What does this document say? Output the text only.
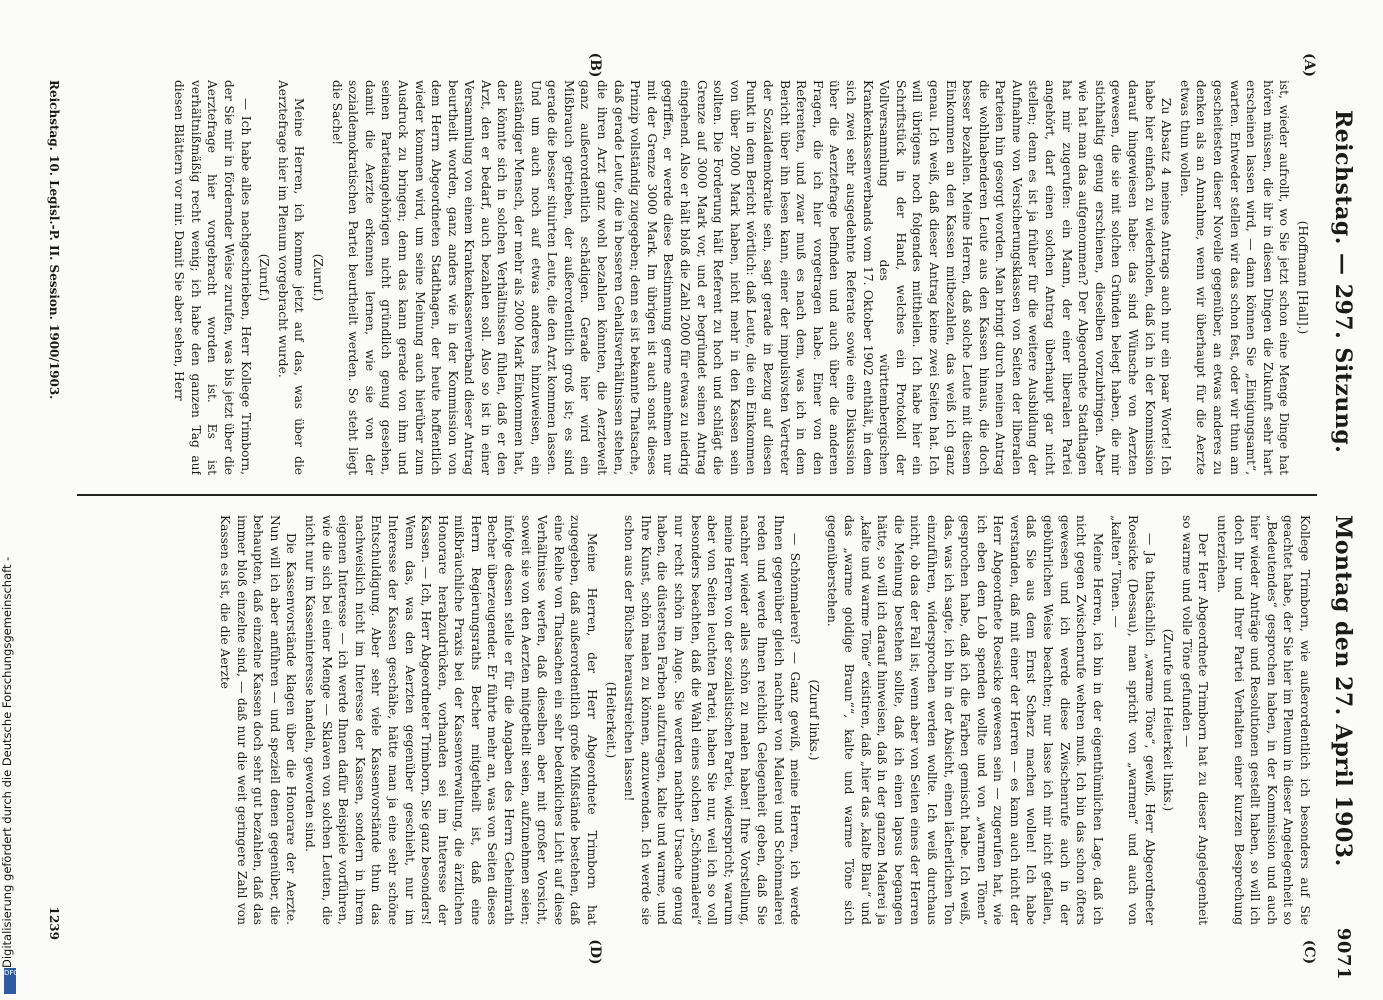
Reichstag. — 297. Sitzung.
Montag den 27. April 1903.
9071
(A)
(B)
(C)
(D)

(Hoffmann [Hall].)

ist, wieder aufrollt, wo Sie jetzt schon eine Menge Dinge hat hören müssen, die ihr in diesen Dingen die Zukunft sehr hart erscheinen lassen wird, — dann können Sie „Einigungsamt“, warten. Entweder stellen wir das schon fest, oder wir thun am gescheitesten dieser Novelle gegenüber, an etwas anderes zu denken als an Annahme, wenn wir überhaupt für die Aerzte etwas thun wollen.

Zu Absatz 4 meines Antrags auch nur ein paar Worte! Ich habe hier einfach zu wiederholen, daß ich in der Kommission darauf hingewiesen habe: das sind Wünsche von Aerzten gewesen, die sie mit solchen Gründen belegt haben, die mir stichhaltig genug erschienen, dieselben vorzubringen. Aber wie hat man das aufgenommen? Der Abgeordnete Stadthagen hat mir zugerufen: ein Mann, der einer liberalen Partei angehört, darf einen solchen Antrag überhaupt gar nicht stellen; denn es ist ja früher für die weitere Ausbildung der Aufnahme von Versicherungsklassen von Seiten der liberalen Parteien hin gesorgt worden. Man bringt durch meinen Antrag die wohlhabenderen Leute aus den Kassen hinaus, die doch besser bezahlen. Meine Herren, daß solche Leute mit diesem Einkommen an den Kassen mitbezahlen, das weiß ich ganz genau. Ich weiß, daß dieser Antrag keine zwei Seiten hat. Ich will übrigens noch folgendes mittheilen. Ich habe hier ein Schriftstück in der Hand, welches ein Protokoll der Vollversammlung des württembergischen Krankenkassenverbands vom 17. Oktober 1902 enthält, in dem sich zwei sehr ausgedehnte Referate sowie eine Diskussion über die Aerztefrage befinden und auch über die anderen Fragen, die ich hier vorgetragen habe. Einer von den Referenten, und zwar muß es nach dem, was ich in dem Bericht über ihn lesen kann, einer der impulsivsten Vertreter der Sozialdemokratie sein, sagt gerade in Bezug auf diesen Punkt in dem Bericht wörtlich: daß Leute, die ein Einkommen von über 2000 Mark haben, nicht mehr in den Kassen sein sollten. Die Forderung hält Referent zu hoch und schlägt die Grenze auf 3000 Mark vor, und er begründet seinen Antrag eingehend. Also er hält bloß die Zahl 2000 für etwas zu niedrig gegriffen, er werde diese Bestimmung gerne annehmen nur mit der Grenze 3000 Mark. Im übrigen ist auch sonst dieses Prinzip vollständig zugegeben; denn es ist bekannte Thatsache, daß gerade Leute, die in besseren Gehaltsverhältnissen stehen, die ihren Arzt ganz wohl bezahlen könnten, die Aerztewelt ganz außerordentlich schädigen. Gerade hier wird ein Mißbrauch getrieben, der außerordentlich groß ist; es sind gerade die besser situirten Leute, die den Arzt kommen lassen. Und um auch noch auf etwas anderes hinzuweisen, ein anständiger Mensch, der mehr als 2000 Mark Einkommen hat, der könnte sich in solchen Verhältnissen fühlen, daß er den Arzt, den er bedarf, auch bezahlen soll. Also so ist in einer Versammlung von einem Krankenkassenverband dieser Antrag beurtheilt worden, ganz anders wie in der Kommission von dem Herrn Abgeordneten Stadthagen, der heute hoffentlich wieder kommen wird, um seine Meinung auch hierüber zum Ausdruck zu bringen; denn das kann gerade von ihm und seinen Parteiangehörigen nicht gründlich genug gesehen, damit die Aerzte erkennen lernen, wie sie von der sozialdemokratischen Partei beurtheilt werden. So steht liegt die Sache!

(Zuruf.)

Meine Herren, ich komme jetzt auf das, was über die Aerztefrage hier im Plenum vorgebracht wurde.

(Zuruf.)

— Ich habe alles nachgeschrieben, Herr Kollege Trimborn, der Sie mir in fördernder Weise zurufen, was bis jetzt über die Aerztefrage hier vorgebracht worden ist. Es ist verhältnißmäßig recht wenig; ich habe den ganzen Tag auf diesen Blättern vor mir. Damit Sie aber sehen, Herr

Kollege Trimborn, wie außerordentlich ich besonders auf Sie geachtet habe, der Sie hier im Plenum in dieser Angelegenheit so „Bedeutendes“ gesprochen haben, in der Kommission und auch hier wieder Anträge und Resolutionen gestellt haben, so will ich doch Ihr und Ihrer Partei Verhalten einer kurzen Besprechung unterziehen.

Der Herr Abgeordnete Trimborn hat zu dieser Angelegenheit so warme und volle Töne gefunden —

(Zurufe und Heiterkeit links.)

— Ja thatsächlich „warme Töne“, gewiß, Herr Abgeordneter Roesicke (Dessau), man spricht von „warmen“ und auch von „kalten“ Tönen. —

Meine Herren, ich bin in der eigenthümlichen Lage, daß ich nicht gegen Zwischenrufe wehren muß. Ich bin das schon öfters gewesen und ich werde diese Zwischenrufe auch in der gebührlichen Weise beachten; nur lasse ich mir nicht gefallen, daß Sie aus dem Ernst Scherz machen wollen! Ich habe verstanden, daß mit einer der Herren — es kann auch nicht der Herr Abgeordnete Roesicke gewesen sein — zugerufen hat, wie ich eben dem Lob spenden wollte und von „warmen Tönen“ gesprochen habe, daß ich die Farben gemischt habe. Ich weiß, das, was ich sagte, ich bin in der Absicht, einen lächerlichen Ton einzuführen, widersprochen werden wollte. Ich weiß durchaus nicht, ob das der Fall ist; wenn aber von Seiten eines der Herren die Meinung bestehen sollte, daß ich einen lapsus begangen hätte, so will ich darauf hinweisen, daß in der ganzen Malerei ja „kalte und warme Töne“ existiren, daß „hier das „kalte Blau“ und das „warme goldige Braun““, kalte und warme Töne sich gegenüberstehen.

(Zuruf links.)

— Schönmalerei? — Ganz gewiß, meine Herren, ich werde Ihnen gegenüber gleich nachher von Malerei und Schönmalerei reden und werde Ihnen reichlich Gelegenheit geben, daß Sie nachher wieder alles schön zu malen haben! Ihre Vorstellung, meine Herren von der sozialistischen Partei, widerspricht; warum aber von Seiten leuchten Partei, haben Sie nur, weil ich so voll besonders beachten, daß die Wahl eines solchen „Schönmalerei“ nur recht schön im Auge. Sie werden nachher Ursache genug haben, die düstersten Farben aufzutragen, kalte und warme, und Ihre Kunst, schön malen zu können, anzuwenden. Ich werde sie schon aus der Büchse herausstreichen lassen!

(Heiterkeit.)

Meine Herren, der Herr Abgeordnete Trimborn hat zugegeben, daß außerordentlich große Mißstände bestehen, daß eine Reihe von Thatsachen ein sehr bedenkliches Licht auf diese Verhältnisse werfen, daß dieselben aber mit großer Vorsicht, soweit sie von den Aerzten mitgetheilt seien, aufzunehmen seien; infolge dessen stelle er für die Angaben des Herrn Geheimrath Becher überzeugender. Er führte mehr an, was von Seiten dieses Herrn Regierungsraths Becher mitgetheilt ist, daß eine mißbräuchliche Praxis bei der Kassenverwaltung, die ärztlichen Honorare herabzudrücken, vorhanden sei im Interesse der Kassen. — Ich, Herr Abgeordneter Trimborn, Sie ganz besonders! Wenn das, was den Aerzten gegenüber geschieht, nur im Interesse der Kassen geschähe, hätte man ja eine sehr schöne Entschuldigung. Aber sehr viele Kassenvorstände thun das nachweislich nicht im Interesse der Kassen, sondern in ihrem eigenen Interesse — ich werde Ihnen dafür Beispiele vorführen, wie die sich bei einer Menge — Sklaven von solchen Leuten, die nicht nur im Kasseninteresse handeln, geworden sind.

Die Kassenvorstände klagen über die Honorare der Aerzte. Nun will ich aber anführen — und speziell denen gegenüber, die behaupten, daß einzelne Kassen doch sehr gut bezahlen, daß das immer bloß einzelne sind, — daß nur die weit geringere Zahl von Kassen es ist, die die Aerzte

Reichstag. 10. Legisl.-P. II. Session. 1900/1903.
1239
Digitalisierung gefördert durch die Deutsche Forschungsgemeinschaft -
DFG
